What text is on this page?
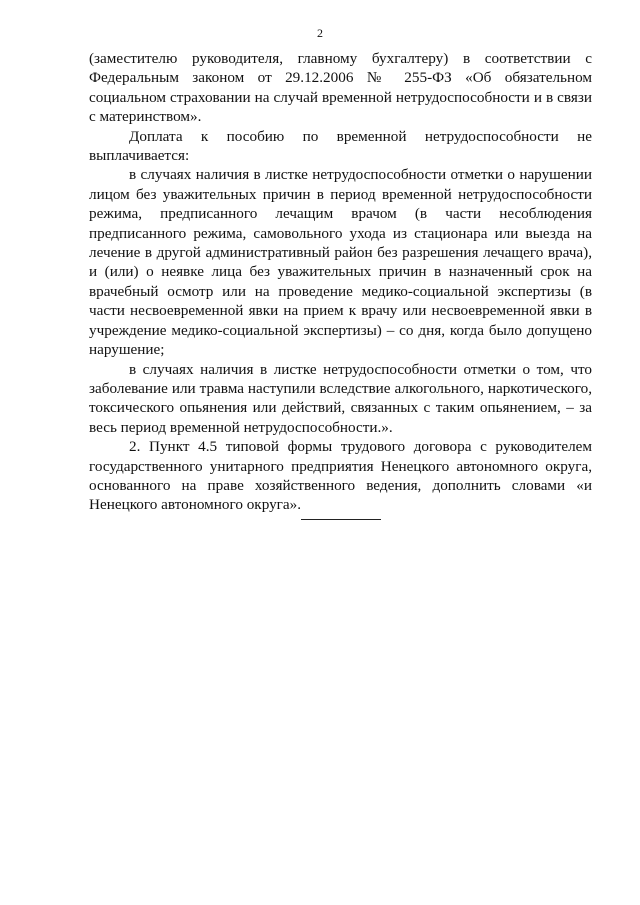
2

(заместителю руководителя, главному бухгалтеру) в соответствии с Федеральным законом от 29.12.2006 № 255-ФЗ «Об обязательном социальном страховании на случай временной нетрудоспособности и в связи с материнством».

Доплата к пособию по временной нетрудоспособности не выплачивается:

в случаях наличия в листке нетрудоспособности отметки о нарушении лицом без уважительных причин в период временной нетрудоспособности режима, предписанного лечащим врачом (в части несоблюдения предписанного режима, самовольного ухода из стационара или выезда на лечение в другой административный район без разрешения лечащего врача), и (или) о неявке лица без уважительных причин в назначенный срок на врачебный осмотр или на проведение медико-социальной экспертизы (в части несвоевременной явки на прием к врачу или несвоевременной явки в учреждение медико-социальной экспертизы) – со дня, когда было допущено нарушение;

в случаях наличия в листке нетрудоспособности отметки о том, что заболевание или травма наступили вследствие алкогольного, наркотического, токсического опьянения или действий, связанных с таким опьянением, – за весь период временной нетрудоспособности.».

2. Пункт 4.5 типовой формы трудового договора с руководителем государственного унитарного предприятия Ненецкого автономного округа, основанного на праве хозяйственного ведения, дополнить словами «и Ненецкого автономного округа».
